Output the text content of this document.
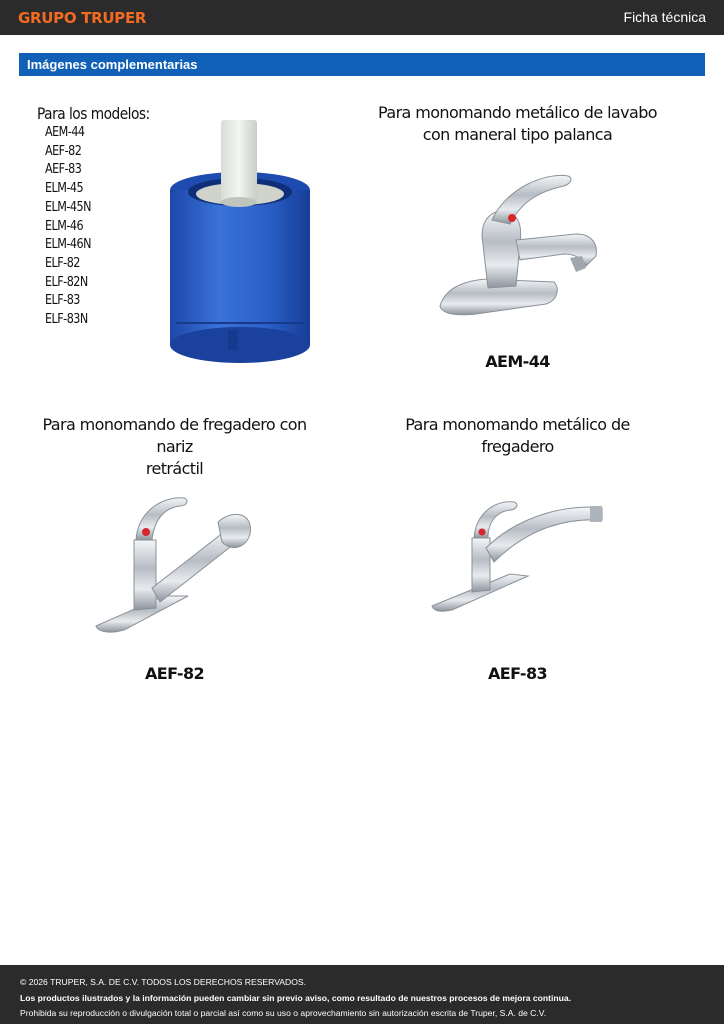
GRUPO TRUPER	Ficha técnica
Imágenes complementarias
Para los modelos:
AEM-44
AEF-82
AEF-83
ELM-45
ELM-45N
ELM-46
ELM-46N
ELF-82
ELF-82N
ELF-83
ELF-83N
Para monomando metálico de lavabo
con maneral tipo palanca
AEM-44
Para monomando de fregadero con nariz
retráctil
AEF-82
Para monomando metálico de fregadero
AEF-83

© 2026 TRUPER, S.A. DE C.V. TODOS LOS DERECHOS RESERVADOS.

Los productos ilustrados y la información pueden cambiar sin previo aviso, como resultado de nuestros procesos de mejora continua.

Prohibida su reproducción o divulgación total o parcial así como su uso o aprovechamiento sin autorización escrita de Truper, S.A. de C.V.
